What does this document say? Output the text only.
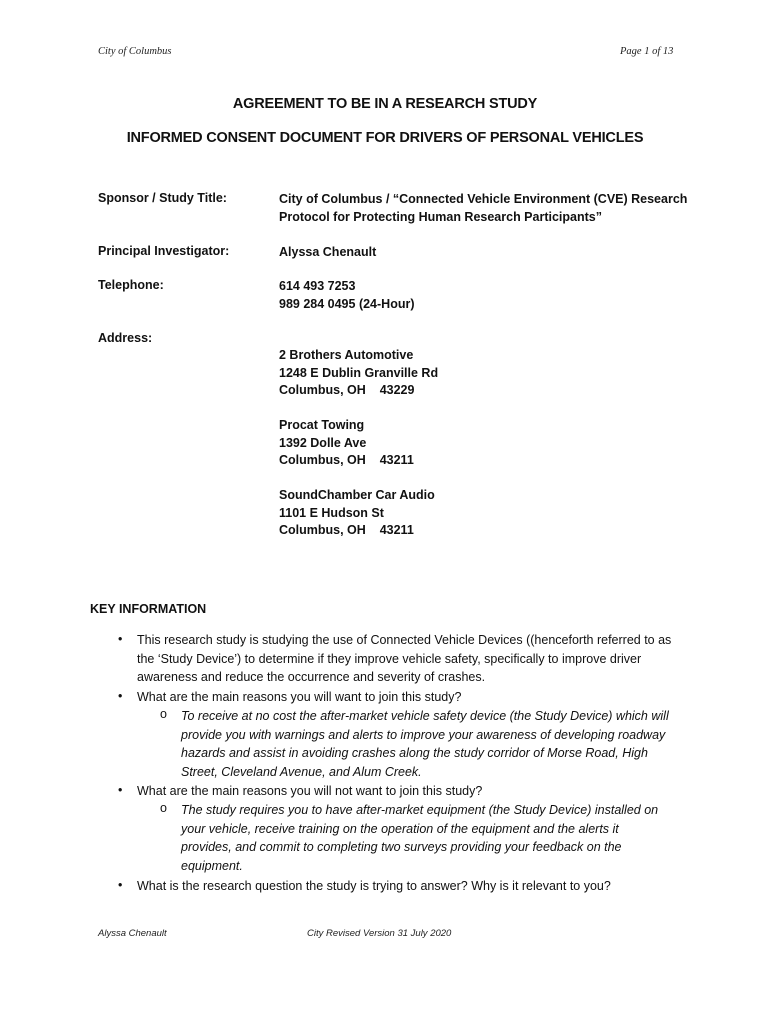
City of Columbus	Page 1 of 13
AGREEMENT TO BE IN A RESEARCH STUDY
INFORMED CONSENT DOCUMENT FOR DRIVERS OF PERSONAL VEHICLES
Sponsor / Study Title:	City of Columbus / “Connected Vehicle Environment (CVE) Research
Protocol for Protecting Human Research Participants”
Principal Investigator:	Alyssa Chenault
Telephone:	614 493 7253
989 284 0495 (24-Hour)
Address:
2 Brothers Automotive
1248 E Dublin Granville Rd
Columbus, OH    43229
Procat Towing
1392 Dolle Ave
Columbus, OH    43211
SoundChamber Car Audio
1101 E Hudson St
Columbus, OH    43211
KEY INFORMATION
• This research study is studying the use of Connected Vehicle Devices ((henceforth referred to as
the ‘Study Device’) to determine if they improve vehicle safety, specifically to improve driver
awareness and reduce the occurrence and severity of crashes.
• What are the main reasons you will want to join this study?
o To receive at no cost the after-market vehicle safety device (the Study Device) which will
provide you with warnings and alerts to improve your awareness of developing roadway
hazards and assist in avoiding crashes along the study corridor of Morse Road, High
Street, Cleveland Avenue, and Alum Creek.
• What are the main reasons you will not want to join this study?
o The study requires you to have after-market equipment (the Study Device) installed on
your vehicle, receive training on the operation of the equipment and the alerts it
provides, and commit to completing two surveys providing your feedback on the
equipment.
• What is the research question the study is trying to answer? Why is it relevant to you?
Alyssa Chenault	City Revised Version 31 July 2020
